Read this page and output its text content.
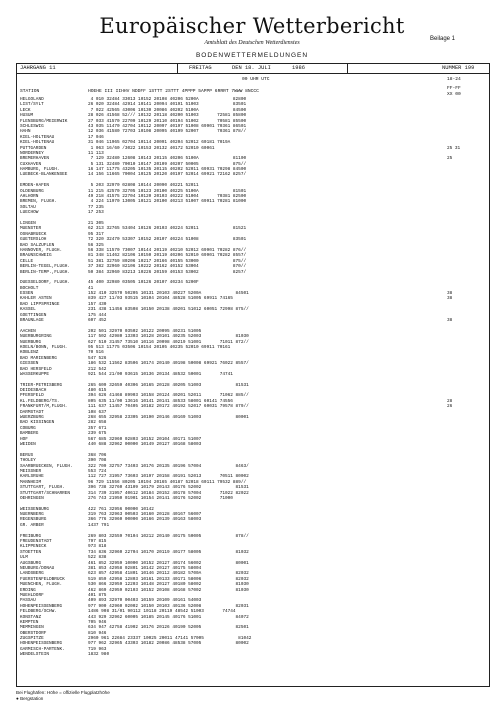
Europäischer Wetterbericht
Amtsblatt des Deutschen Wetterdienstes
Beilage 1
BODENWETTERMELDUNGEN
JAHRGANG 11	FREITAG	DEN 18. JULI	1986	NUMMER 199
00 UHR UTC	18-24
STATION	HOEHE III IIHHV NDDFF 1STTT 2STTT 4PPPP 5APPP 6RRRT 7WWW 8NCCC
FF-FF
XX 00
HELGOLAND	4 010 32484 33013 10152 20108 40206 5200A             82800
LIST/SYLT	26 020 32484 42914 10141 20094 40191 51003             83501
LECK	7 022 42565 43006 10130 20086 40202 5100A             84500
HUSUM	28 026 41568 52/// 10132 20118 40200 51003       72581 85800
FLENSBURG/MEIERWIK	27 033 41570 22709 10129 20110 40194 51002       70581 85500
SCHLESWIG	43 035 11470 42704 10112 20097 40197 51008 69901 70361 86501
HAHN	12 036 41580 72703 10108 20095 40199 52007       70361 878//
KIEL-HOLTENAU	17 046
KIEL-HOLTENAU	31 046 11965 02704 10114 20091 40204 52012 60181 7019A
PUTTGARDEN	1 063 16/60 /3022 10153 20132 40172 52010 60061	25 31
NORDERNEY	11 113
BREMERHAVEN	7 129 32480 12608 10143 20115 40206 5100A             81100	25
CUXHAVEN	5 131 32480 70010 10147 20109 40207 50005             875//
HAMBURG, FLUGH.	16 147 11775 43205 10135 20115 40202 52011 69931 70298 84500
LUEBECK-BLANKENSEE	14 156 11665 70004 10125 20120 40197 52014 69921 72162 8257/
EMDEN-HAFEN	5 203 32970 02808 10144 20090 40221 52011
OLDENBURG	11 215 42570 32705 10123 20100 40225 5100A             81501
AHLHORN	49 218 41575 22704 10120 20103 40222 51004       70381 82500
BREMEN, FLUGH.	4 224 11970 13005 10121 20100 40213 51007 69911 70281 81000
SOLTAU	77 235
LUECHOW	17 253
LINGEN	21 305
MUENSTER	62 313 32765 53404 10126 20103 40224 52011             81521
OSNABRUECK	95 317
GUETERSLOH	72 320 32470 53307 10152 20107 40224 51008             83501
BAD SALZUFLEN	56 325
HANNOVER, FLUGH.	56 338 11570 73007 10144 20119 40210 52012 69901 70282 876//
BRAUNSCHWEIG	81 348 11462 82106 10150 20119 40206 52010 69901 70282 8557/
CELLE	51 381 32759 80206 10217 20166 40155 53000             875//
BERLIN-TEGEL,FLUGH.	37 382 32960 82106 10222 20162 40152 53004             870//
BERLIN-TEMP.,FLUGH.	50 384 32960 83213 10226 20159 40153 53002             8257/
DUESSELDORF, FLUGH.	45 400 32980 03505 10126 20107 40234 5200F
BOCHOLT	41
ESSEN	152 410 32570 50205 10131 20103 40227 5200A             84501	38
KAHLER ASTEN	839 427 11/03 93515 10104 20104 48528 51005 69911 74165	38
BAD LIPPSPRINGE	157 430
KASSEL	231 438 11456 83508 10150 20138 40201 51012 60051 72998 875//
GOETTINGEN	175 444
BRAUNLAGE	607 452	38
AACHEN	202 501 32970 03502 10122 20095 40231 51005
NUERBURGRING	117 502 42980 13303 10128 20101 40235 52003             81030
NUERBURG	627 510 31457 73510 10116 20098 40219 51001       71011 872//
KOELN/BONN, FLUGH.	95 513 11775 03506 10154 20105 40235 52010 69911 70161
KOBLENZ	70 516
BAD MARIENBERG	547 526
GIESSEN	186 532 11562 83506 10174 20140 40198 50008 69921 76022 8557/
BAD HERSFELD	212 542
WASSERKUPPE	921 544 21/00 93615 10136 20134 48532 50001       74741
TRIER-PETRISBERG	265 609 32659 40306 10165 20128 40205 51003             81531
DEIDESBACH	480 615
PFERSFELD	394 626 41468 89903 10158 20124 40201 52011       71062 885//
KL.FELDBERG/TS.	805 635 11/00 13616 10141 20141 48533 58001 60141 74556	28
FRANKFURT/M,FLUGH.	111 637 11457 70405 10182 20172 40192 52017 60031 79578 879//	26
DARMSTADT	108 637
WUERZBURG	268 655 32958 23305 10190 20146 40169 51003             80001
BAD KISSINGEN	282 658
COBURG	357 671
BAMBERG	239 675
HOF	567 685 32960 02803 10152 20104 40171 51007
WEIDEN	440 688 32962 00000 10149 20127 40168 58003
BERUS	368 706
THOLEY	390 708
SAARBRUECKEN, FLUGH.	322 709 32757 73403 10176 20135 40196 57004             8463/
MEISSNER	553 724
KARLSRUHE	112 727 31957 73603 10197 20158 40191 52013       70511 80002
MANNHEIM	96 729 11556 80205 10194 20165 40187 52018 60111 79532 889//
STUTTGART, FLUGH.	396 738 32760 43109 10179 20143 40176 52002             81531
STUTTGART/SCHNARREN	314 739 31957 40612 10184 20152 40178 57004       71022 82022
OEHRINGEN	276 743 21950 01901 10154 20141 40176 52002       71000
WEISSENBURG	422 761 32956 00000 10142
NUERNBERG	319 763 32963 00503 10160 20128 40167 56007
REGENSBURG	366 776 32960 00000 10166 20139 40163 58003
GR. ARBER	1437 791
FREIBURG	269 803 32559 70104 10212 20140 40175 50005             878//
FREUDENSTADT	797 815
KLIPPENECK	973 818
STOETTEN	734 836 32960 22704 10170 20119 40177 58005             81032
ULM	522 838
AUGSBURG	461 852 32959 10000 10152 20127 40174 56002             80001
NEUBURG/DONAU	381 853 42958 02801 10142 20127 40175 58004
LANDSBERG	623 857 42958 41801 10146 20112 40182 5700A             82032
FUERSTENFELDBRUCK	519 859 42958 12803 10161 20133 40171 58006             82032
MUENCHEN, FLUGH.	530 866 32959 12203 10148 20127 40180 58002             81030
ERDING	462 869 42959 02103 10152 20108 40168 57002             81030
MUEHLDORF	401 875
PASSAU	409 893 32970 00403 10159 20109 40161 54003
HOHENPEISSENBERG	977 900 42960 02002 10150 20103 40136 52008             82031
FELDBERG/SCHW.	1486 908 31/01 90112 10118 20119 48542 51003       74744
KONSTANZ	443 929 32962 60005 10185 20145 40176 51001             84072
KEMPTEN	705 946
MEMMINGEN	634 947 42758 41902 10176 20126 40190 52005             82501
OBERSTDORF	810 946
ZUGSPITZE	2960 961 22684 23337 10025 20011 47141 57005             81042
HOHENPEISSENBERG	977 962 32965 43303 10182 20086 48538 57005             80002
GARMISCH-PARTENK.	719 963
WENDELSTEIN	1832 980
Bei Flughäfen: Höhe = offizielle Flugplatzhöhe
● Bergstation
